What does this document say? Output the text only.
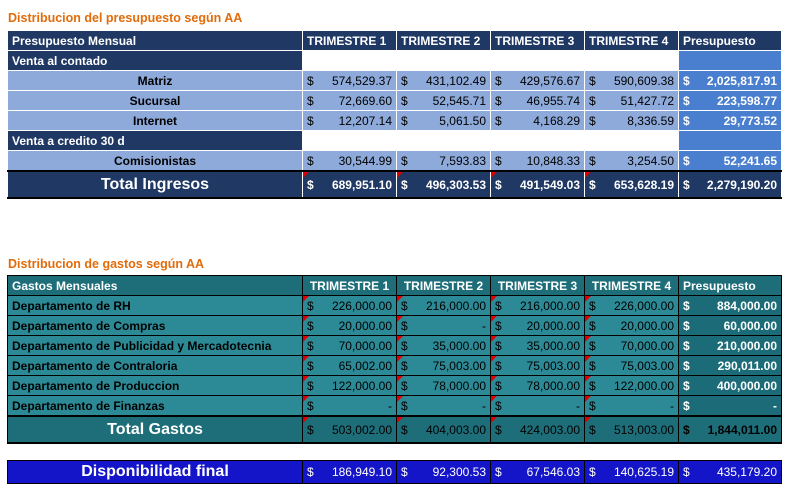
Distribucion del presupuesto según AA
Presupuesto Mensual	TRIMESTRE 1	TRIMESTRE 2	TRIMESTRE 3	TRIMESTRE 4	Presupuesto
Venta al contado					
Matriz	$ 574,529.37	$ 431,102.49	$ 429,576.67	$ 590,609.38	$ 2,025,817.91

Sucursal	$ 72,669.60	$ 52,545.71	$ 46,955.74	$ 51,427.72	$ 223,598.77

Internet	$ 12,207.14	$ 5,061.50	$ 4,168.29	$ 8,336.59	$ 29,773.52

Venta a credito 30 d					
Comisionistas	$ 30,544.99	$ 7,593.83	$ 10,848.33	$ 3,254.50	$ 52,241.65

Total Ingresos	$ 689,951.10	$ 496,303.53	$ 491,549.03	$ 653,628.19	$ 2,279,190.20
Distribucion de gastos según AA
Gastos Mensuales	TRIMESTRE 1	TRIMESTRE 2	TRIMESTRE 3	TRIMESTRE 4	Presupuesto
Departamento de RH	$ 226,000.00	$ 216,000.00	$ 216,000.00	$ 226,000.00	$ 884,000.00

Departamento de Compras	$ 20,000.00	$ -	$ 20,000.00	$ 20,000.00	$ 60,000.00

Departamento de Publicidad y Mercadotecnia	$ 70,000.00	$ 35,000.00	$ 35,000.00	$ 70,000.00	$ 210,000.00

Departamento de Contraloria	$ 65,002.00	$ 75,003.00	$ 75,003.00	$ 75,003.00	$ 290,011.00

Departamento de Produccion	$ 122,000.00	$ 78,000.00	$ 78,000.00	$ 122,000.00	$ 400,000.00

Departamento de Finanzas	$ -	$ -	$ -	$ -	$ -

Total Gastos	$ 503,002.00	$ 404,003.00	$ 424,003.00	$ 513,003.00	$ 1,844,011.00
Disponibilidad final	$ 186,949.10	$ 92,300.53	$ 67,546.03	$ 140,625.19	$ 435,179.20
